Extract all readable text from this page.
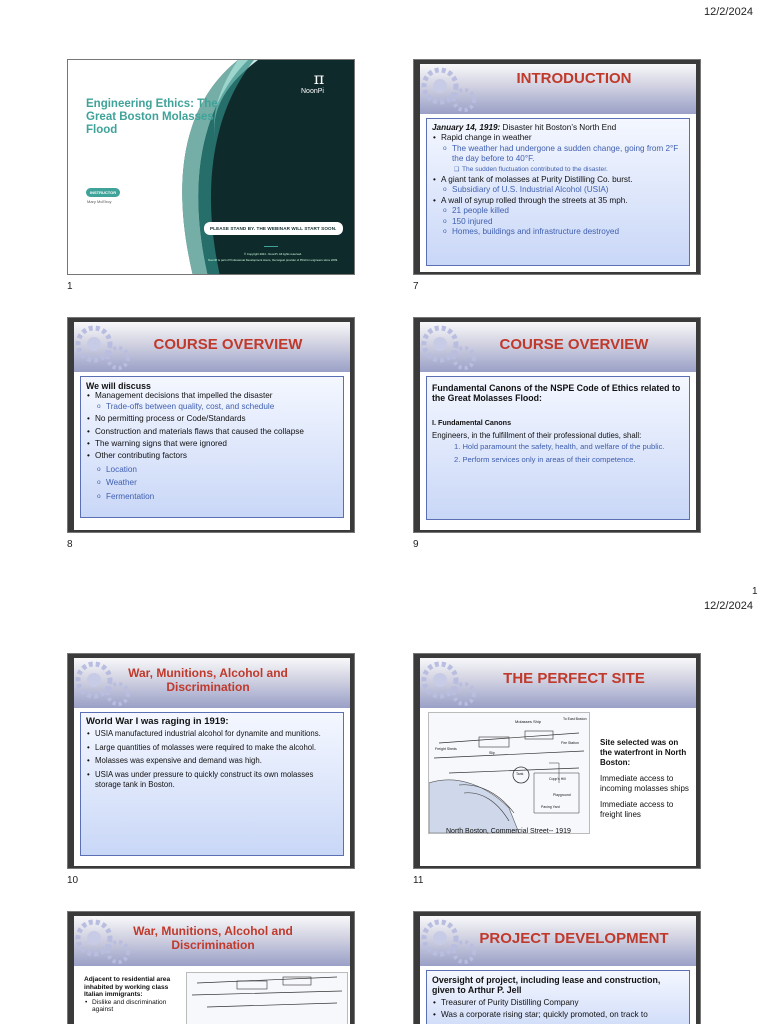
12/2/2024
1
12/2/2024
Engineering Ethics: The Great Boston Molasses Flood
INSTRUCTOR
Mary McElroy
π
NoonPi
PLEASE STAND BY. THE WEBINAR WILL START SOON.
© Copyright 2024 - NoonPi. All rights reserved.
NoonPi is part of Professional Development Hours, the largest provider of PDH for engineers since 2009.
1
INTRODUCTION
January 14, 1919: Disaster hit Boston’s North End
• Rapid change in weather
o The weather had undergone a sudden change, going from 2°F the day before to 40°F.
❑ The sudden fluctuation contributed to the disaster.
• A giant tank of molasses at Purity Distilling Co. burst.
o Subsidiary of U.S. Industrial Alcohol (USIA)
• A wall of syrup rolled through the streets at 35 mph.
o 21 people killed
o 150 injured
o Homes, buildings and infrastructure destroyed
7
COURSE OVERVIEW
We will discuss
• Management decisions that impelled the disaster
o Trade-offs between quality, cost, and schedule
• No permitting process or Code/Standards
• Construction and materials flaws that caused the collapse
• The warning signs that were ignored
• Other contributing factors
o Location
o Weather
o Fermentation
8
COURSE OVERVIEW
Fundamental Canons of the NSPE Code of Ethics related to the Great Molasses Flood:
I. Fundamental Canons
Engineers, in the fulfillment of their professional duties, shall:
1. Hold paramount the safety, health, and welfare of the public.
2. Perform services only in areas of their competence.
9
War, Munitions, Alcohol and Discrimination
World War I was raging in 1919:
• USIA manufactured industrial alcohol for dynamite and munitions.
• Large quantities of molasses were required to make the alcohol.
• Molasses was expensive and demand was high.
• USIA was under pressure to quickly construct its own molasses storage tank in Boston.
10
THE PERFECT SITE
Molasses Ship	To East Boston
Fire Station
Tank
Copp's Hill
Playground
Paving Yard
Slip
Freight Sheds
Site selected was on the waterfront in North Boston:
Immediate access to incoming molasses ships
Immediate access to freight lines
North Boston, Commercial Street-- 1919
11
War, Munitions, Alcohol and Discrimination
Adjacent to residential area inhabited by working class Italian immigrants:
• Dislike and discrimination against
PROJECT DEVELOPMENT
Oversight of project, including lease and construction, given to Arthur P. Jell
• Treasurer of Purity Distilling Company
• Was a corporate rising star; quickly promoted, on track to
